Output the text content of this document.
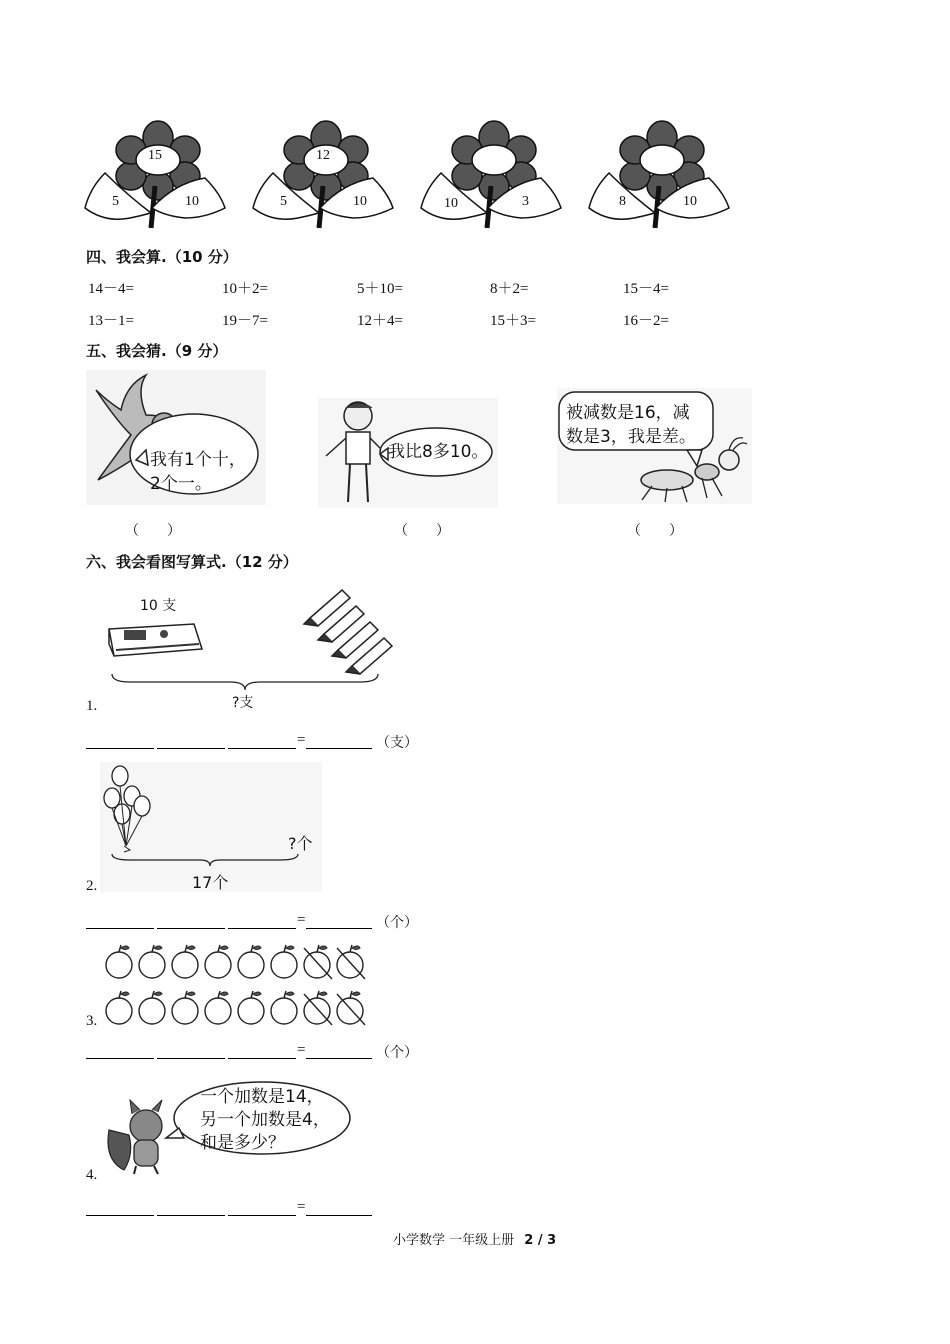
15
5	10
12
5	10	10	3	8	10
四、我会算.（10 分）
14－4=	10＋2=	5＋10=	8＋2=	15－4=
13－1=	19－7=	12＋4=	15＋3=	16－2=
五、我会猜.（9 分）
我有1个十，
2个一。
我比8多10。
被减数是16，减
数是3，我是差。
（　　）	（　　）	（　　）
六、我会看图写算式.（12 分）
10 支
?支
1.
=	（支）
?个
17个
2.
=	（个）
3.
=	（个）
一个加数是14，
另一个加数是4，
和是多少？
4.
=
小学数学 一年级上册 2 / 3
